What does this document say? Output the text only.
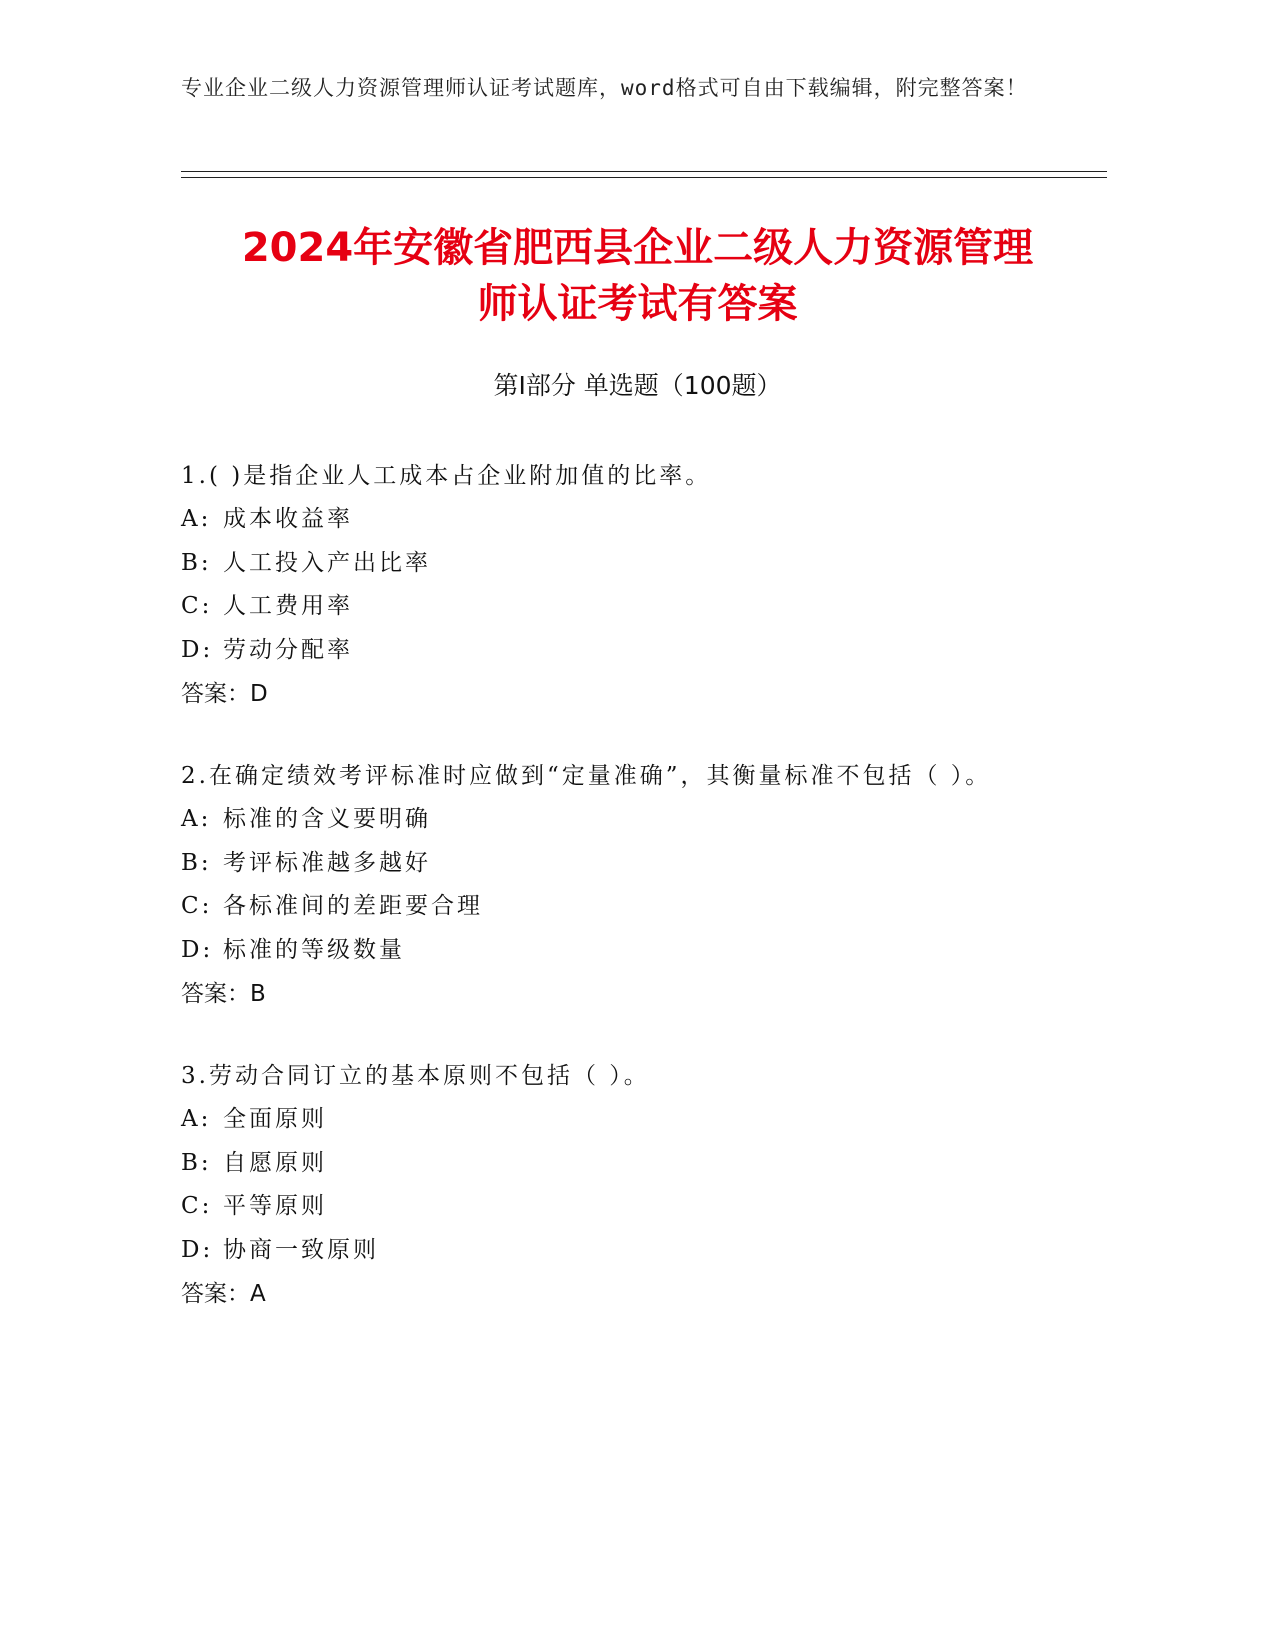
专业企业二级人力资源管理师认证考试题库，word格式可自由下载编辑，附完整答案！
2024年安徽省肥西县企业二级人力资源管理
师认证考试有答案
第I部分 单选题（100题）

1.( )是指企业人工成本占企业附加值的比率。

A: 成本收益率
B: 人工投入产出比率
C: 人工费用率
D: 劳动分配率
答案：D

2.在确定绩效考评标准时应做到“定量准确”，其衡量标准不包括（ ）。

A: 标准的含义要明确
B: 考评标准越多越好
C: 各标准间的差距要合理
D: 标准的等级数量
答案：B

3.劳动合同订立的基本原则不包括（ ）。

A: 全面原则
B: 自愿原则
C: 平等原则
D: 协商一致原则
答案：A
